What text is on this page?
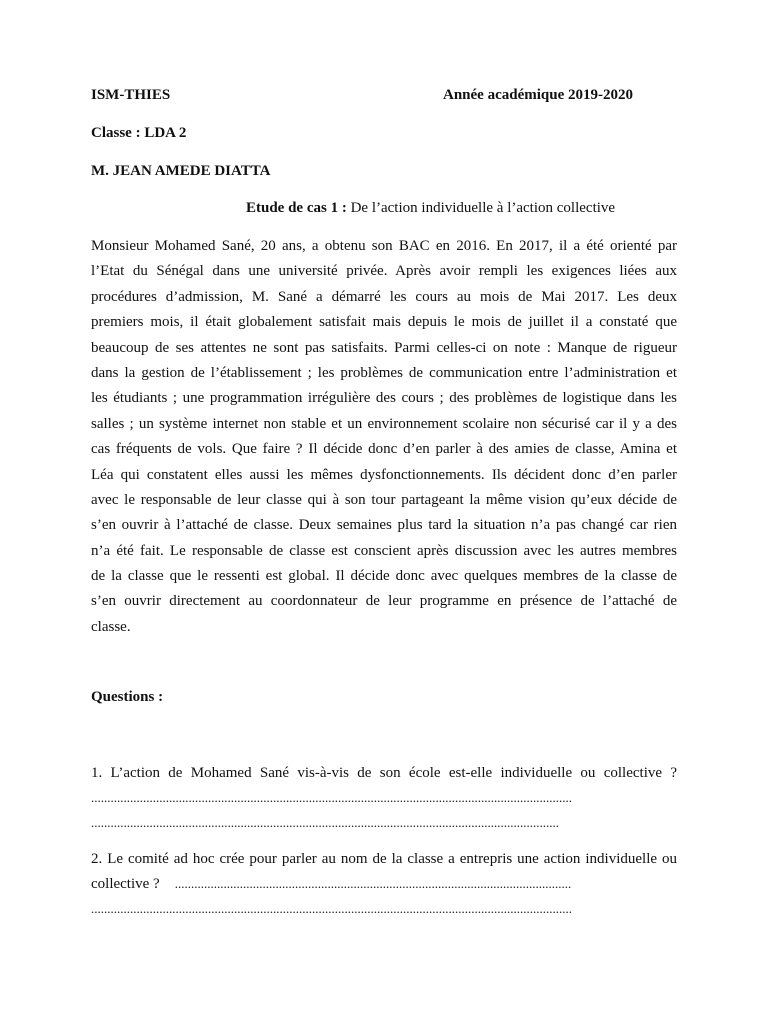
ISM-THIES	Année académique 2019-2020
Classe : LDA 2
M. JEAN AMEDE DIATTA
Etude de cas 1 : De l’action individuelle à l’action collective
Monsieur Mohamed Sané, 20 ans, a obtenu son BAC en 2016. En 2017, il a été orienté par
l’Etat du Sénégal dans une université privée. Après avoir rempli les exigences liées aux
procédures d’admission, M. Sané a démarré les cours au mois de Mai 2017. Les deux
premiers mois, il était globalement satisfait mais depuis le mois de juillet il a constaté que
beaucoup de ses attentes ne sont pas satisfaits. Parmi celles-ci on note : Manque de rigueur
dans la gestion de l’établissement ; les problèmes de communication entre l’administration et
les étudiants ; une programmation irrégulière des cours ; des problèmes de logistique dans les
salles ; un système internet non stable et un environnement scolaire non sécurisé car il y a des
cas fréquents de vols. Que faire ? Il décide donc d’en parler à des amies de classe, Amina et
Léa qui constatent elles aussi les mêmes dysfonctionnements. Ils décident donc d’en parler
avec le responsable de leur classe qui à son tour partageant la même vision qu’eux décide de
s’en ouvrir à l’attaché de classe. Deux semaines plus tard la situation n’a pas changé car rien
n’a été fait. Le responsable de classe est conscient après discussion avec les autres membres
de la classe que le ressenti est global. Il décide donc avec quelques membres de la classe de
s’en ouvrir directement au coordonnateur de leur programme en présence de l’attaché de
classe.
Questions :
1. L’action de Mohamed Sané vis-à-vis de son école est-elle individuelle ou collective ?
....................................................................................................................................................
................................................................................................................................................
2. Le comité ad hoc crée pour parler au nom de la classe a entrepris une action individuelle ou
collective ? ..........................................................................................................................
....................................................................................................................................................
